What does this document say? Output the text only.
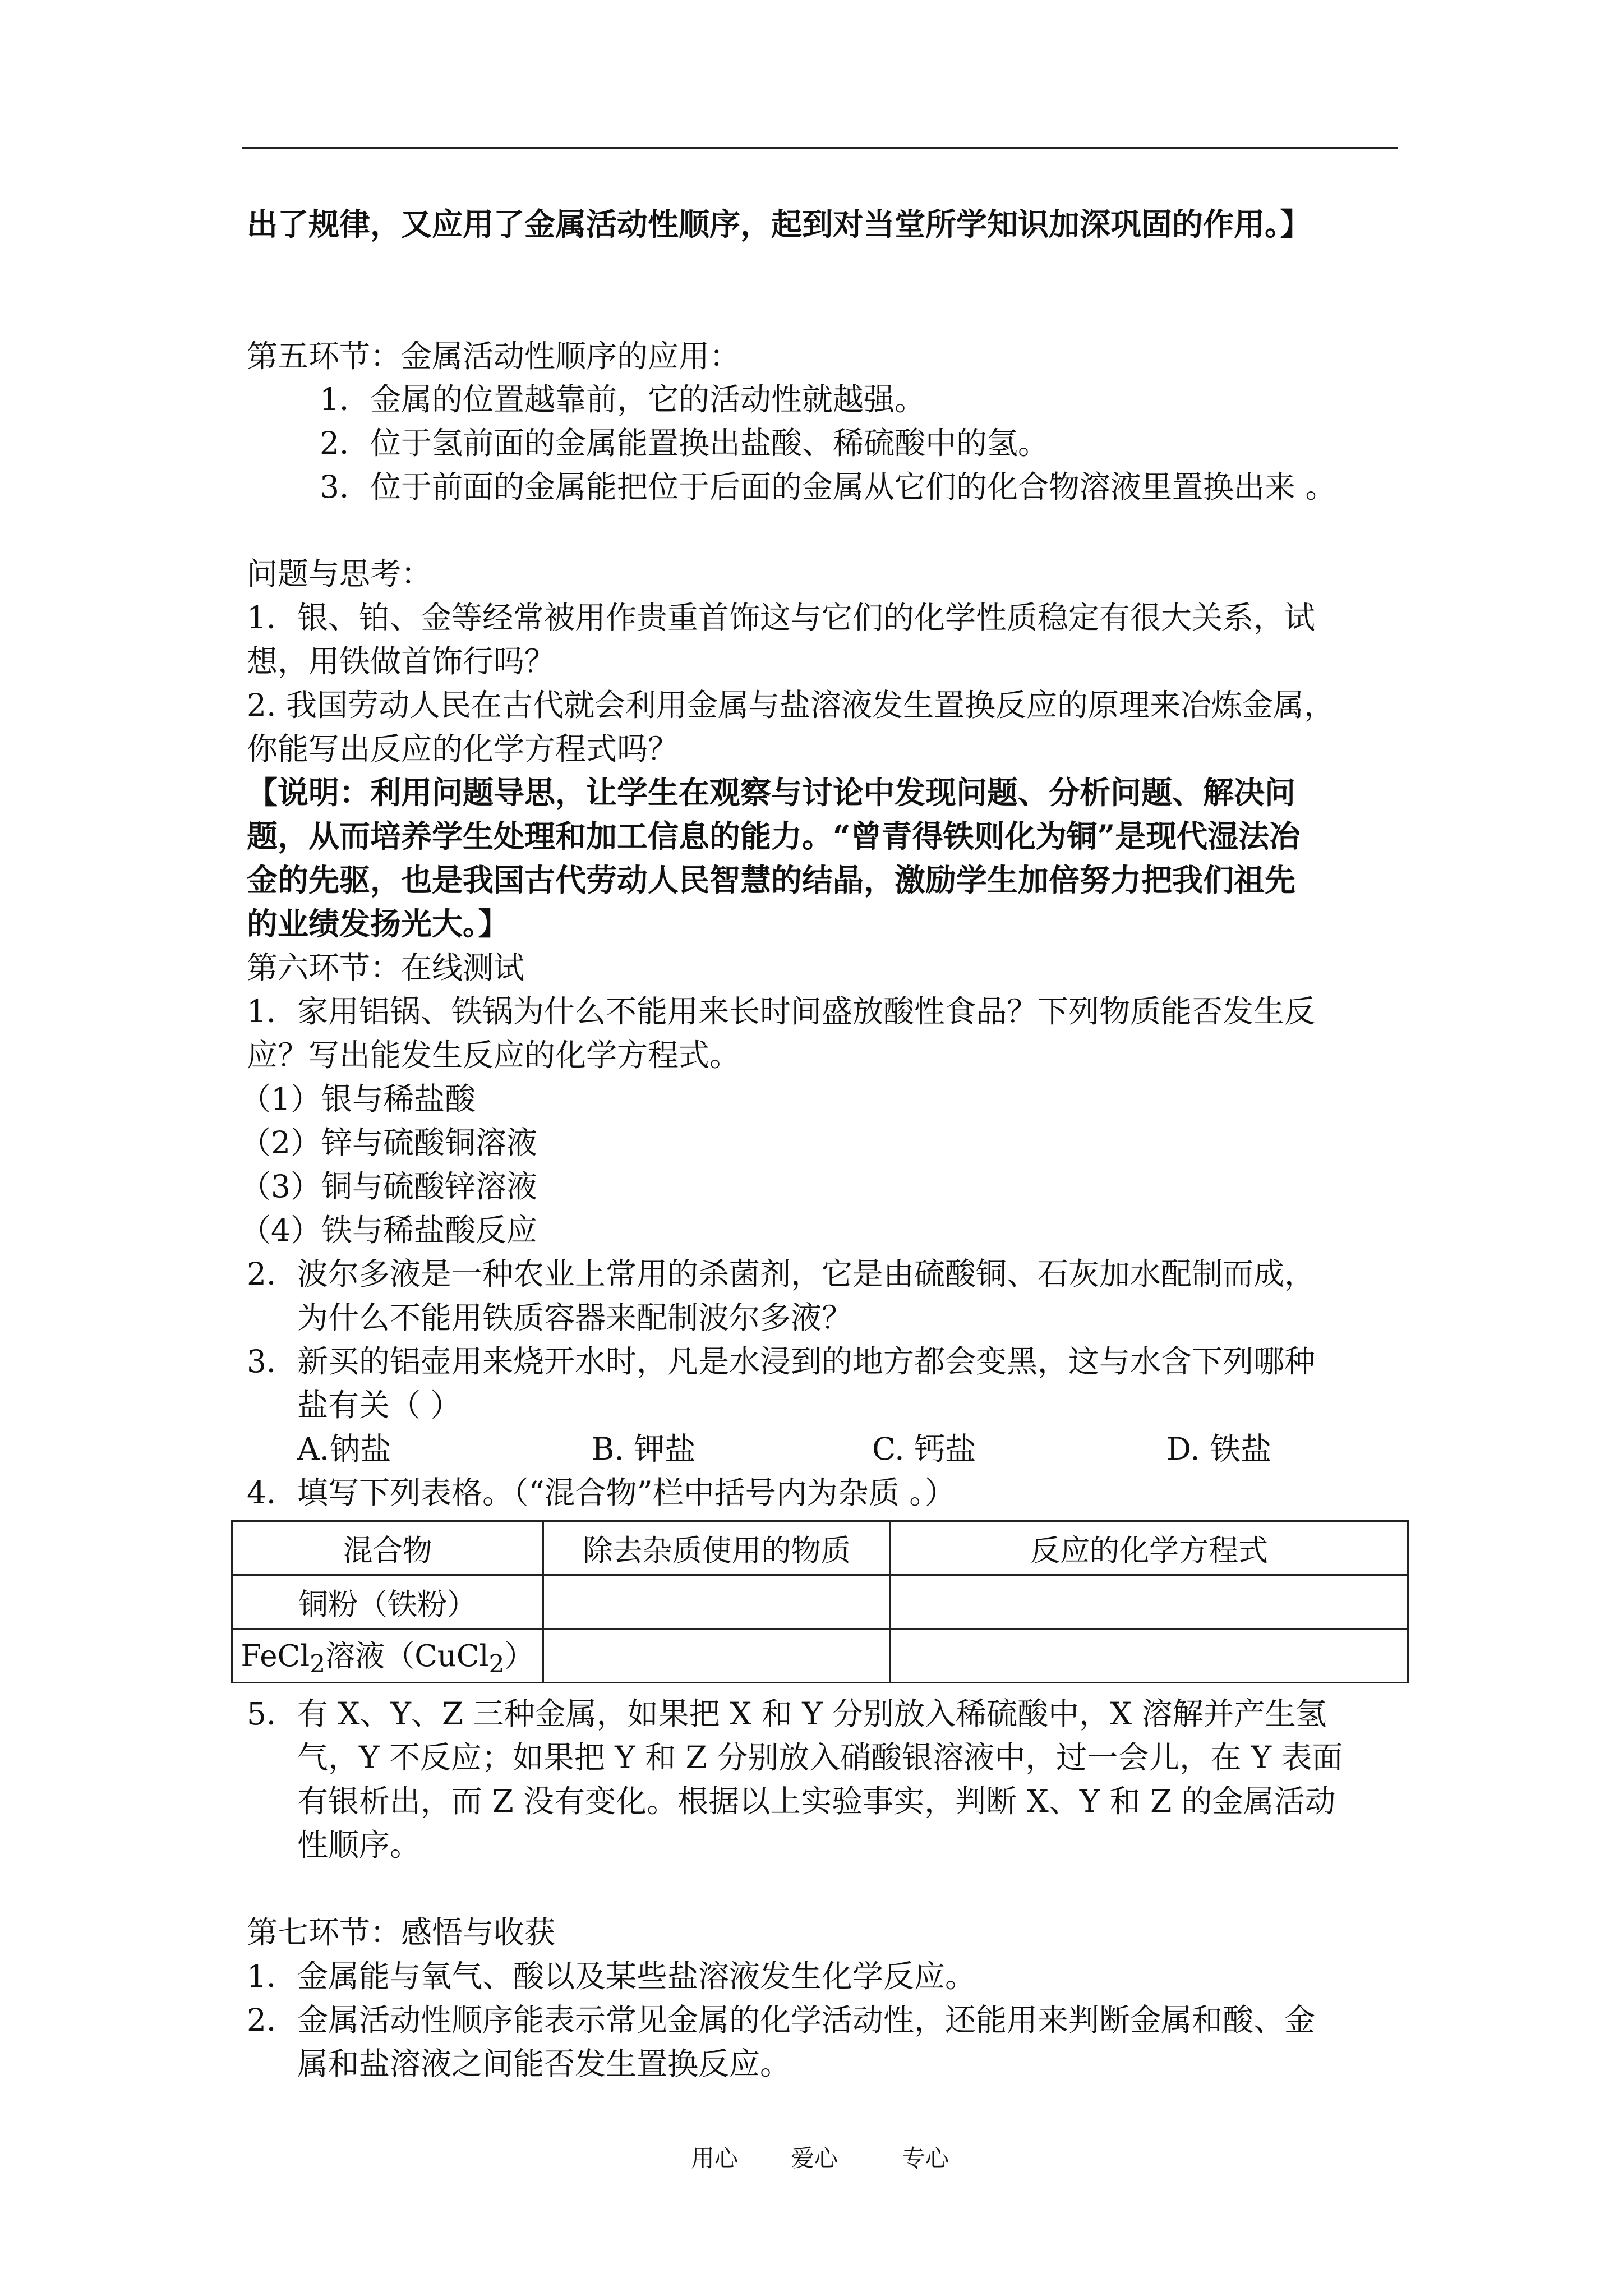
出了规律，又应用了金属活动性顺序，起到对当堂所学知识加深巩固的作用。】
第五环节：金属活动性顺序的应用：
1．金属的位置越靠前，它的活动性就越强。
2．位于氢前面的金属能置换出盐酸、稀硫酸中的氢。
3．位于前面的金属能把位于后面的金属从它们的化合物溶液里置换出来 。
问题与思考：
1．银、铂、金等经常被用作贵重首饰这与它们的化学性质稳定有很大关系，试
想，用铁做首饰行吗？
2. 我国劳动人民在古代就会利用金属与盐溶液发生置换反应的原理来冶炼金属，
你能写出反应的化学方程式吗？
【说明：利用问题导思，让学生在观察与讨论中发现问题、分析问题、解决问
题，从而培养学生处理和加工信息的能力。“曾青得铁则化为铜”是现代湿法冶
金的先驱，也是我国古代劳动人民智慧的结晶，激励学生加倍努力把我们祖先
的业绩发扬光大。】
第六环节：在线测试
1．家用铝锅、铁锅为什么不能用来长时间盛放酸性食品？下列物质能否发生反
应？写出能发生反应的化学方程式。
（1）银与稀盐酸
（2）锌与硫酸铜溶液
（3）铜与硫酸锌溶液
（4）铁与稀盐酸反应
2．波尔多液是一种农业上常用的杀菌剂，它是由硫酸铜、石灰加水配制而成，
为什么不能用铁质容器来配制波尔多液？
3．新买的铝壶用来烧开水时，凡是水浸到的地方都会变黑，这与水含下列哪种
盐有关（ ）
A.钠盐	B. 钾盐	C. 钙盐	D. 铁盐
4．填写下列表格。（“混合物”栏中括号内为杂质 。）
混合物	除去杂质使用的物质	反应的化学方程式
铜粉（铁粉）		
FeCl$_2$溶液（CuCl$_2$）		
5．有 X、Y、Z 三种金属，如果把 X 和 Y 分别放入稀硫酸中，X 溶解并产生氢
气，Y 不反应；如果把 Y 和 Z 分别放入硝酸银溶液中，过一会儿，在 Y 表面
有银析出，而 Z 没有变化。根据以上实验事实，判断 X、Y 和 Z 的金属活动
性顺序。
第七环节：感悟与收获
1．金属能与氧气、酸以及某些盐溶液发生化学反应。
2．金属活动性顺序能表示常见金属的化学活动性，还能用来判断金属和酸、金
属和盐溶液之间能否发生置换反应。
用心 爱心	专心
